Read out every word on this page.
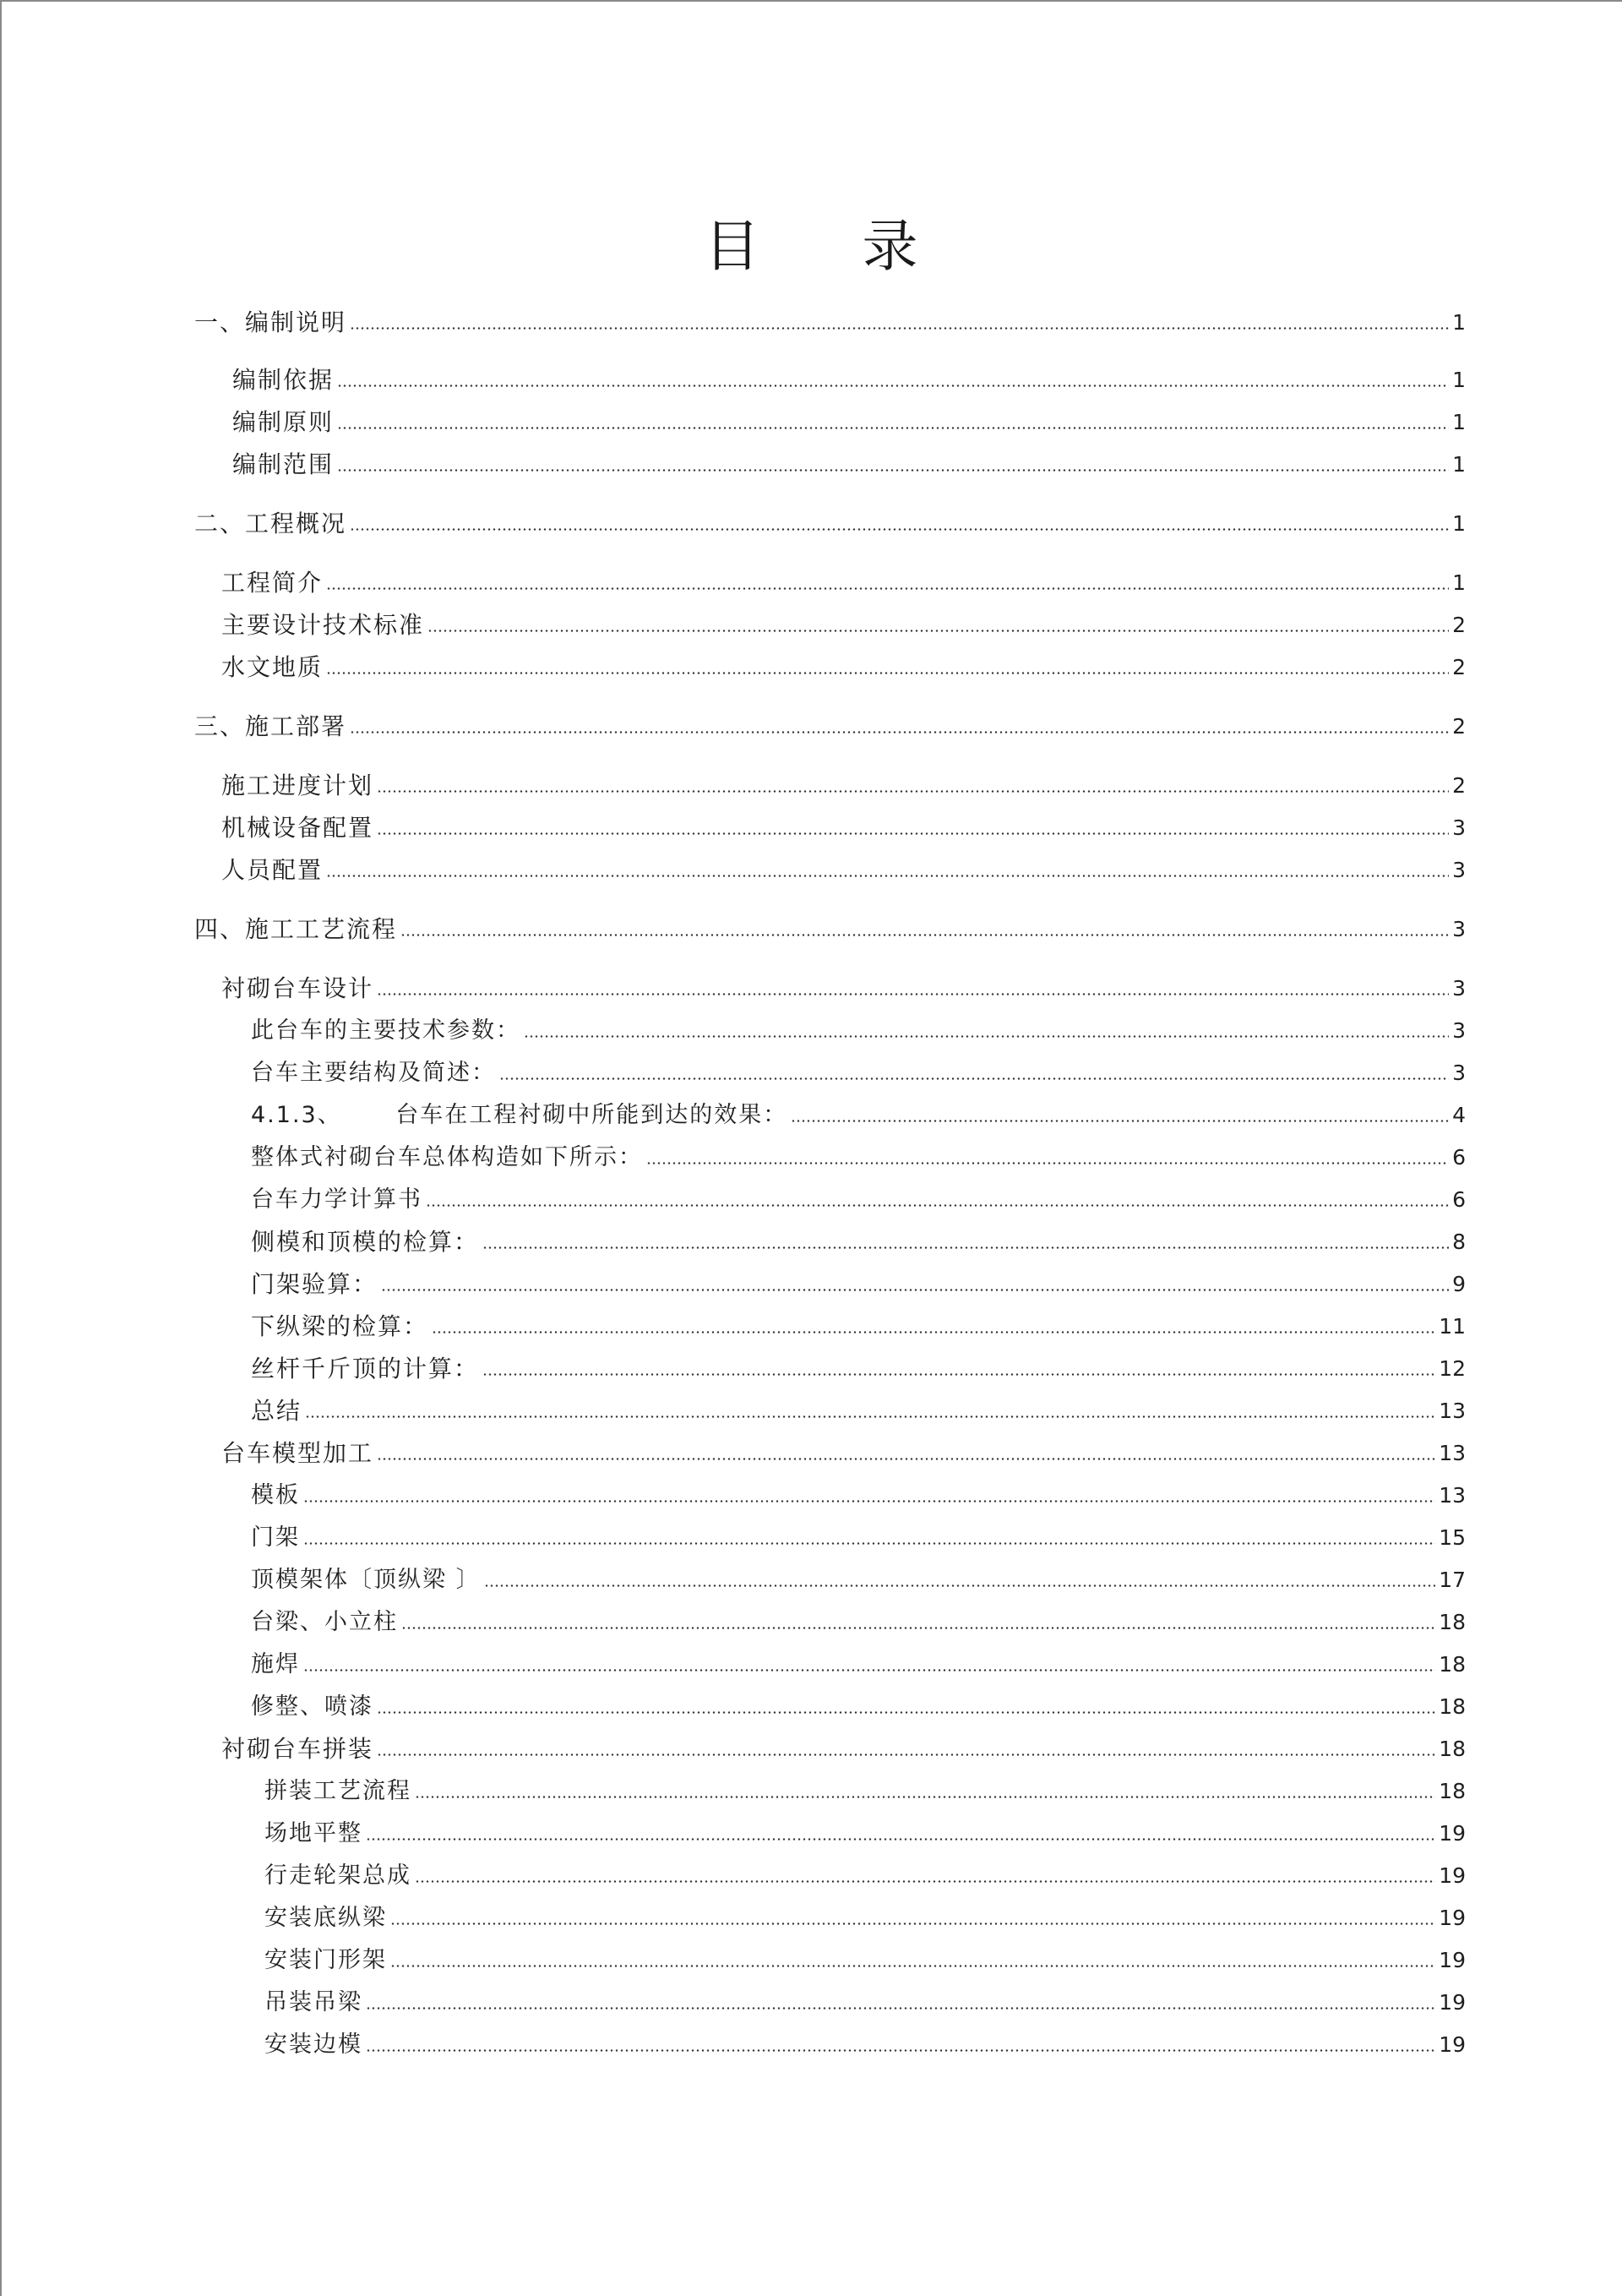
目 录
一、编制说明	1
编制依据	1
编制原则	1
编制范围	1
二、工程概况	1
工程简介	1
主要设计技术标准	2
水文地质	2
三、施工部署	2
施工进度计划	2
机械设备配置	3
人员配置	3
四、施工工艺流程	3
衬砌台车设计	3
此台车的主要技术参数：	3
台车主要结构及简述：	3
4.1.3、      台车在工程衬砌中所能到达的效果：	4
整体式衬砌台车总体构造如下所示：	6
台车力学计算书	6
侧模和顶模的检算：	8
门架验算：	9
下纵梁的检算：	11
丝杆千斤顶的计算：	12
总结	13
台车模型加工	13
模板	13
门架	15
顶模架体〔顶纵梁 〕	17
台梁、小立柱	18
施焊	18
修整、喷漆	18
衬砌台车拼装	18
拼装工艺流程	18
场地平整	19
行走轮架总成	19
安装底纵梁	19
安装门形架	19
吊装吊梁	19
安装边模	19
